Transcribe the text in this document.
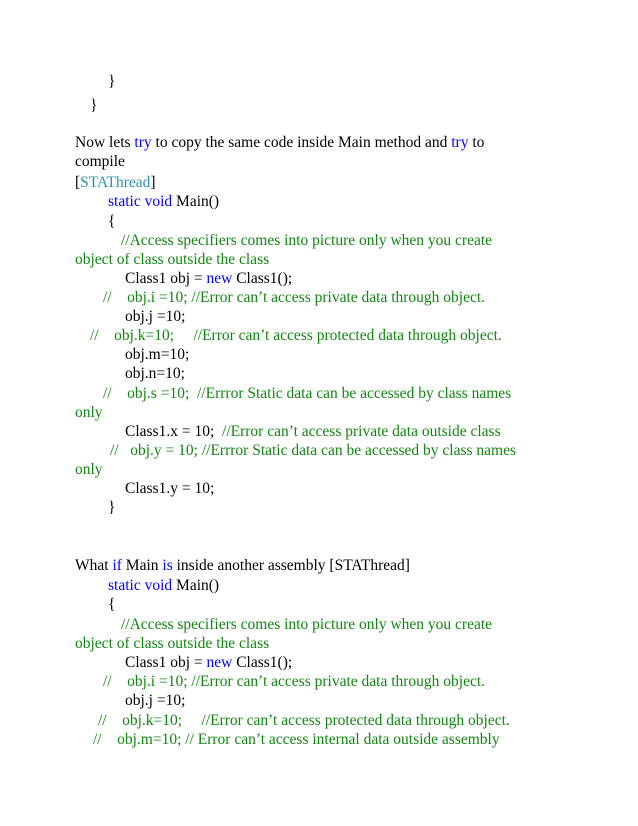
}
}
Now lets try to copy the same code inside Main method and try to
compile
[STAThread]
static void Main()
{
//Access specifiers comes into picture only when you create
object of class outside the class
Class1 obj = new Class1();
//    obj.i =10; //Error can’t access private data through object.
obj.j =10;
//    obj.k=10;     //Error can’t access protected data through object.
obj.m=10;
obj.n=10;
//    obj.s =10;  //Errror Static data can be accessed by class names
only
Class1.x = 10;  //Error can’t access private data outside class
//   obj.y = 10; //Errror Static data can be accessed by class names
only
Class1.y = 10;
}
What if Main is inside another assembly [STAThread]
static void Main()
{
//Access specifiers comes into picture only when you create
object of class outside the class
Class1 obj = new Class1();
//    obj.i =10; //Error can’t access private data through object.
obj.j =10;
//    obj.k=10;     //Error can’t access protected data through object.
//    obj.m=10; // Error can’t access internal data outside assembly
